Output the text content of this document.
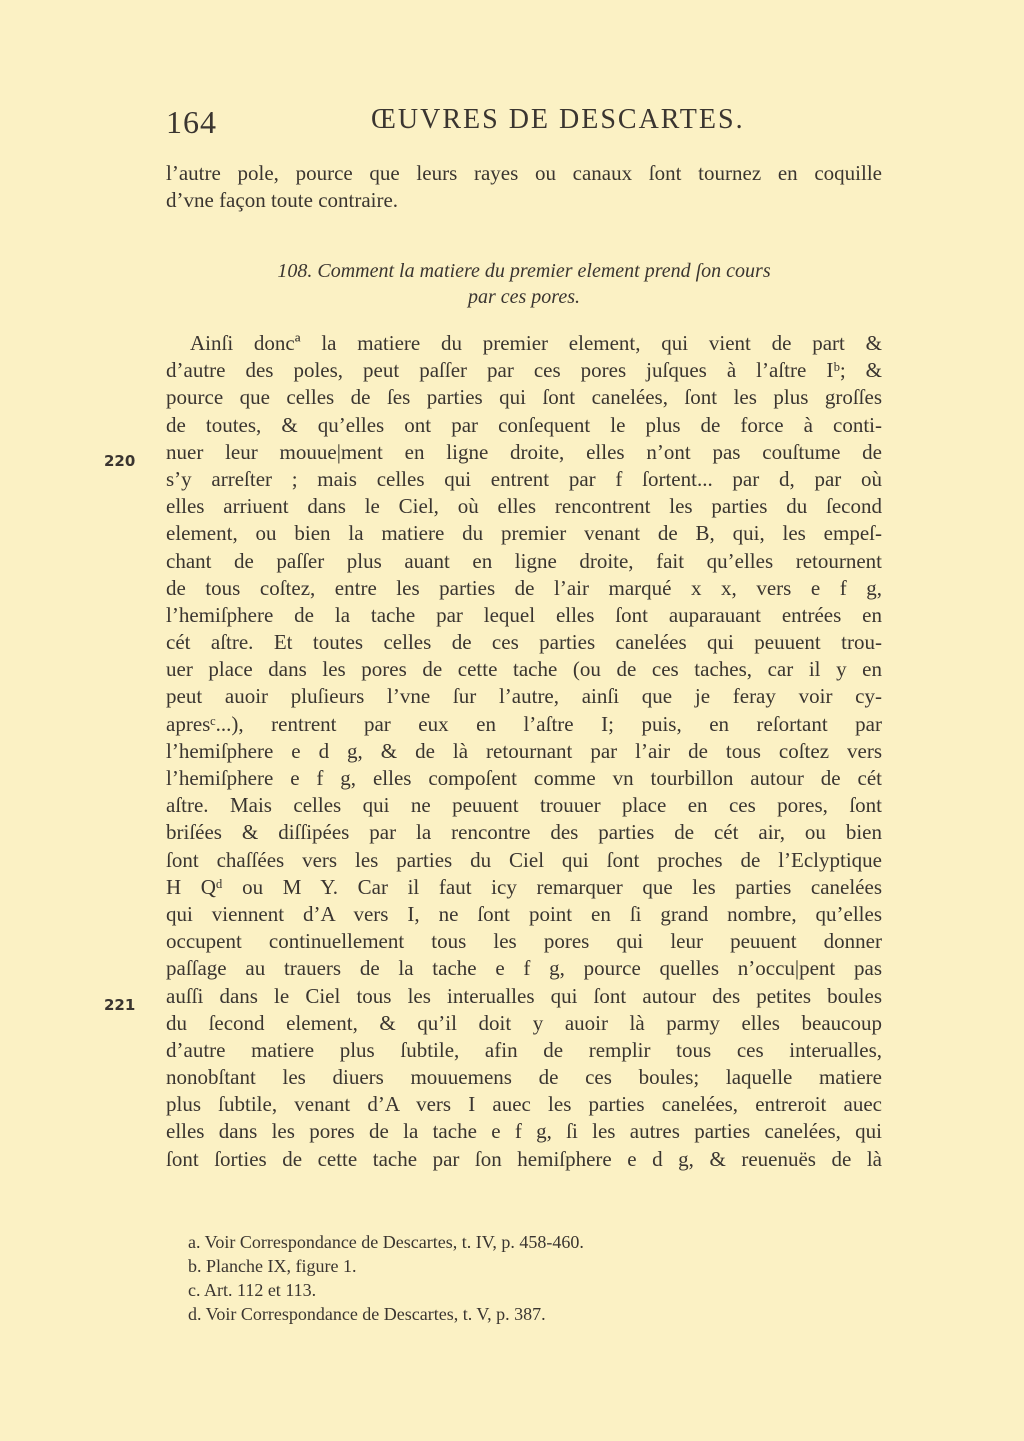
164	ŒUVRES DE DESCARTES.
l’autre pole, pource que leurs rayes ou canaux ſont tournez en coquille
d’vne façon toute contraire.
108. Comment la matiere du premier element prend ſon cours
par ces pores.
220
221
Ainſi doncª la matiere du premier element, qui vient de part &
d’autre des poles, peut paſſer par ces pores juſques à l’aſtre Iᵇ; &
pource que celles de ſes parties qui ſont canelées, ſont les plus groſſes
de toutes, & qu’elles ont par conſequent le plus de force à conti-
nuer leur mouue|ment en ligne droite, elles n’ont pas couſtume de
s’y arreſter ; mais celles qui entrent par f ſortent... par d, par où
elles arriuent dans le Ciel, où elles rencontrent les parties du ſecond
element, ou bien la matiere du premier venant de B, qui, les empeſ-
chant de paſſer plus auant en ligne droite, fait qu’elles retournent
de tous coſtez, entre les parties de l’air marqué x x, vers e f g,
l’hemiſphere de la tache par lequel elles ſont auparauant entrées en
cét aſtre. Et toutes celles de ces parties canelées qui peuuent trou-
uer place dans les pores de cette tache (ou de ces taches, car il y en
peut auoir pluſieurs l’vne ſur l’autre, ainſi que je feray voir cy-
apresᶜ...), rentrent par eux en l’aſtre I; puis, en reſortant par
l’hemiſphere e d g, & de là retournant par l’air de tous coſtez vers
l’hemiſphere e f g, elles compoſent comme vn tourbillon autour de cét
aſtre. Mais celles qui ne peuuent trouuer place en ces pores, ſont
briſées & diſſipées par la rencontre des parties de cét air, ou bien
ſont chaſſées vers les parties du Ciel qui ſont proches de l’Eclyptique
H Qᵈ ou M Y. Car il faut icy remarquer que les parties canelées
qui viennent d’A vers I, ne ſont point en ſi grand nombre, qu’elles
occupent continuellement tous les pores qui leur peuuent donner
paſſage au trauers de la tache e f g, pource quelles n’occu|pent pas
auſſi dans le Ciel tous les interualles qui ſont autour des petites boules
du ſecond element, & qu’il doit y auoir là parmy elles beaucoup
d’autre matiere plus ſubtile, afin de remplir tous ces interualles,
nonobſtant les diuers mouuemens de ces boules; laquelle matiere
plus ſubtile, venant d’A vers I auec les parties canelées, entreroit auec
elles dans les pores de la tache e f g, ſi les autres parties canelées, qui
ſont ſorties de cette tache par ſon hemiſphere e d g, & reuenuës de là
a. Voir Correspondance de Descartes, t. IV, p. 458-460.
b. Planche IX, figure 1.
c. Art. 112 et 113.
d. Voir Correspondance de Descartes, t. V, p. 387.
